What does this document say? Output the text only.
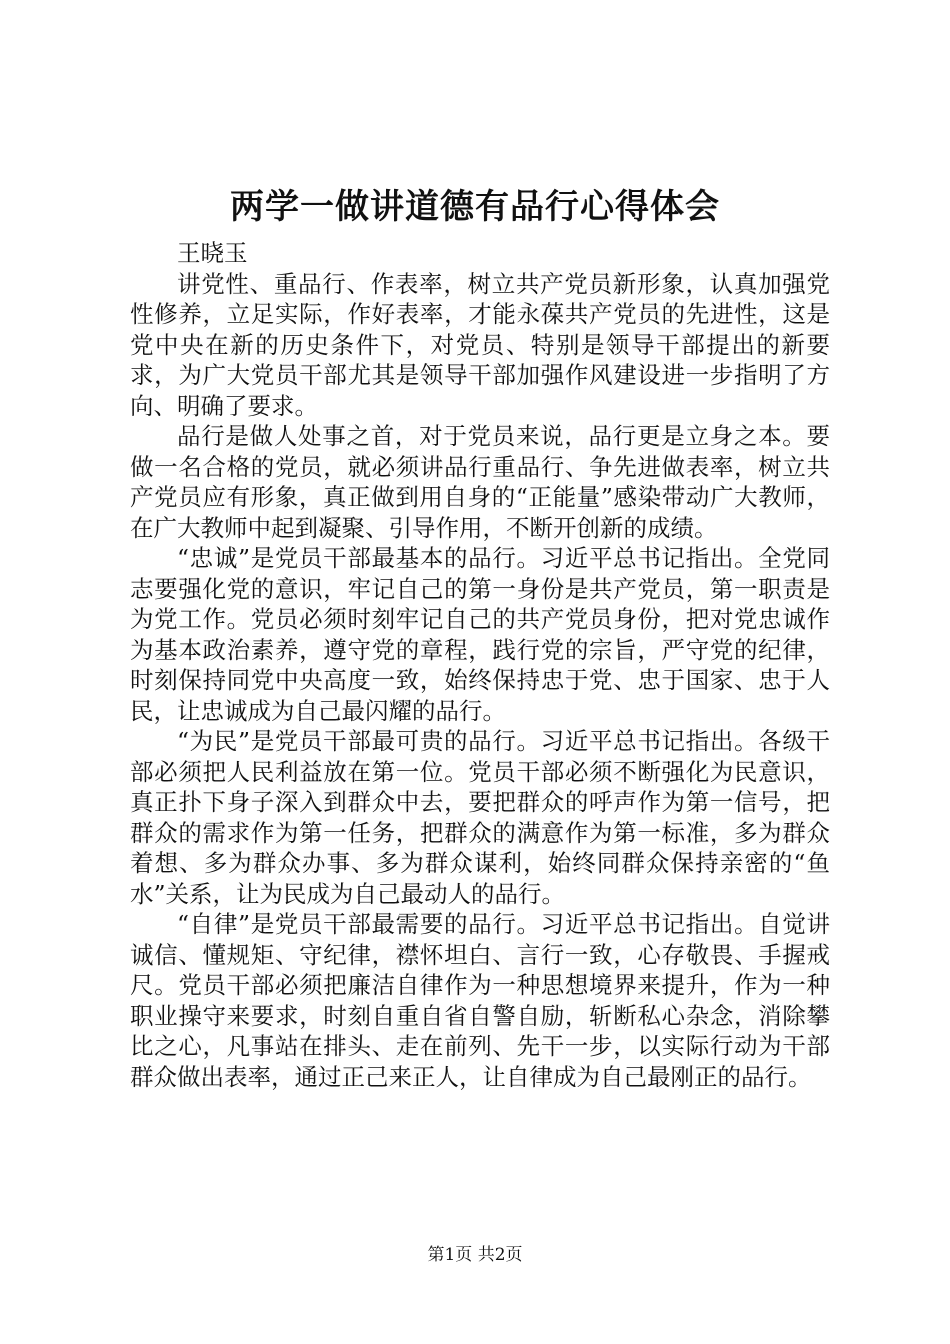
两学一做讲道德有品行心得体会

王晓玉

讲党性、重品行、作表率，树立共产党员新形象，认真加强党性修养，立足实际，作好表率，才能永葆共产党员的先进性，这是党中央在新的历史条件下，对党员、特别是领导干部提出的新要求，为广大党员干部尤其是领导干部加强作风建设进一步指明了方向、明确了要求。

品行是做人处事之首，对于党员来说，品行更是立身之本。要做一名合格的党员，就必须讲品行重品行、争先进做表率，树立共产党员应有形象，真正做到用自身的“正能量”感染带动广大教师，在广大教师中起到凝聚、引导作用，不断开创新的成绩。

“忠诚”是党员干部最基本的品行。习近平总书记指出。全党同志要强化党的意识，牢记自己的第一身份是共产党员，第一职责是为党工作。党员必须时刻牢记自己的共产党员身份，把对党忠诚作为基本政治素养，遵守党的章程，践行党的宗旨，严守党的纪律，时刻保持同党中央高度一致，始终保持忠于党、忠于国家、忠于人民，让忠诚成为自己最闪耀的品行。

“为民”是党员干部最可贵的品行。习近平总书记指出。各级干部必须把人民利益放在第一位。党员干部必须不断强化为民意识，真正扑下身子深入到群众中去，要把群众的呼声作为第一信号，把群众的需求作为第一任务，把群众的满意作为第一标准，多为群众着想、多为群众办事、多为群众谋利，始终同群众保持亲密的“鱼水”关系，让为民成为自己最动人的品行。

“自律”是党员干部最需要的品行。习近平总书记指出。自觉讲诚信、懂规矩、守纪律，襟怀坦白、言行一致，心存敬畏、手握戒尺。党员干部必须把廉洁自律作为一种思想境界来提升，作为一种职业操守来要求，时刻自重自省自警自励，斩断私心杂念，消除攀比之心，凡事站在排头、走在前列、先干一步，以实际行动为干部群众做出表率，通过正己来正人，让自律成为自己最刚正的品行。

第1页 共2页
